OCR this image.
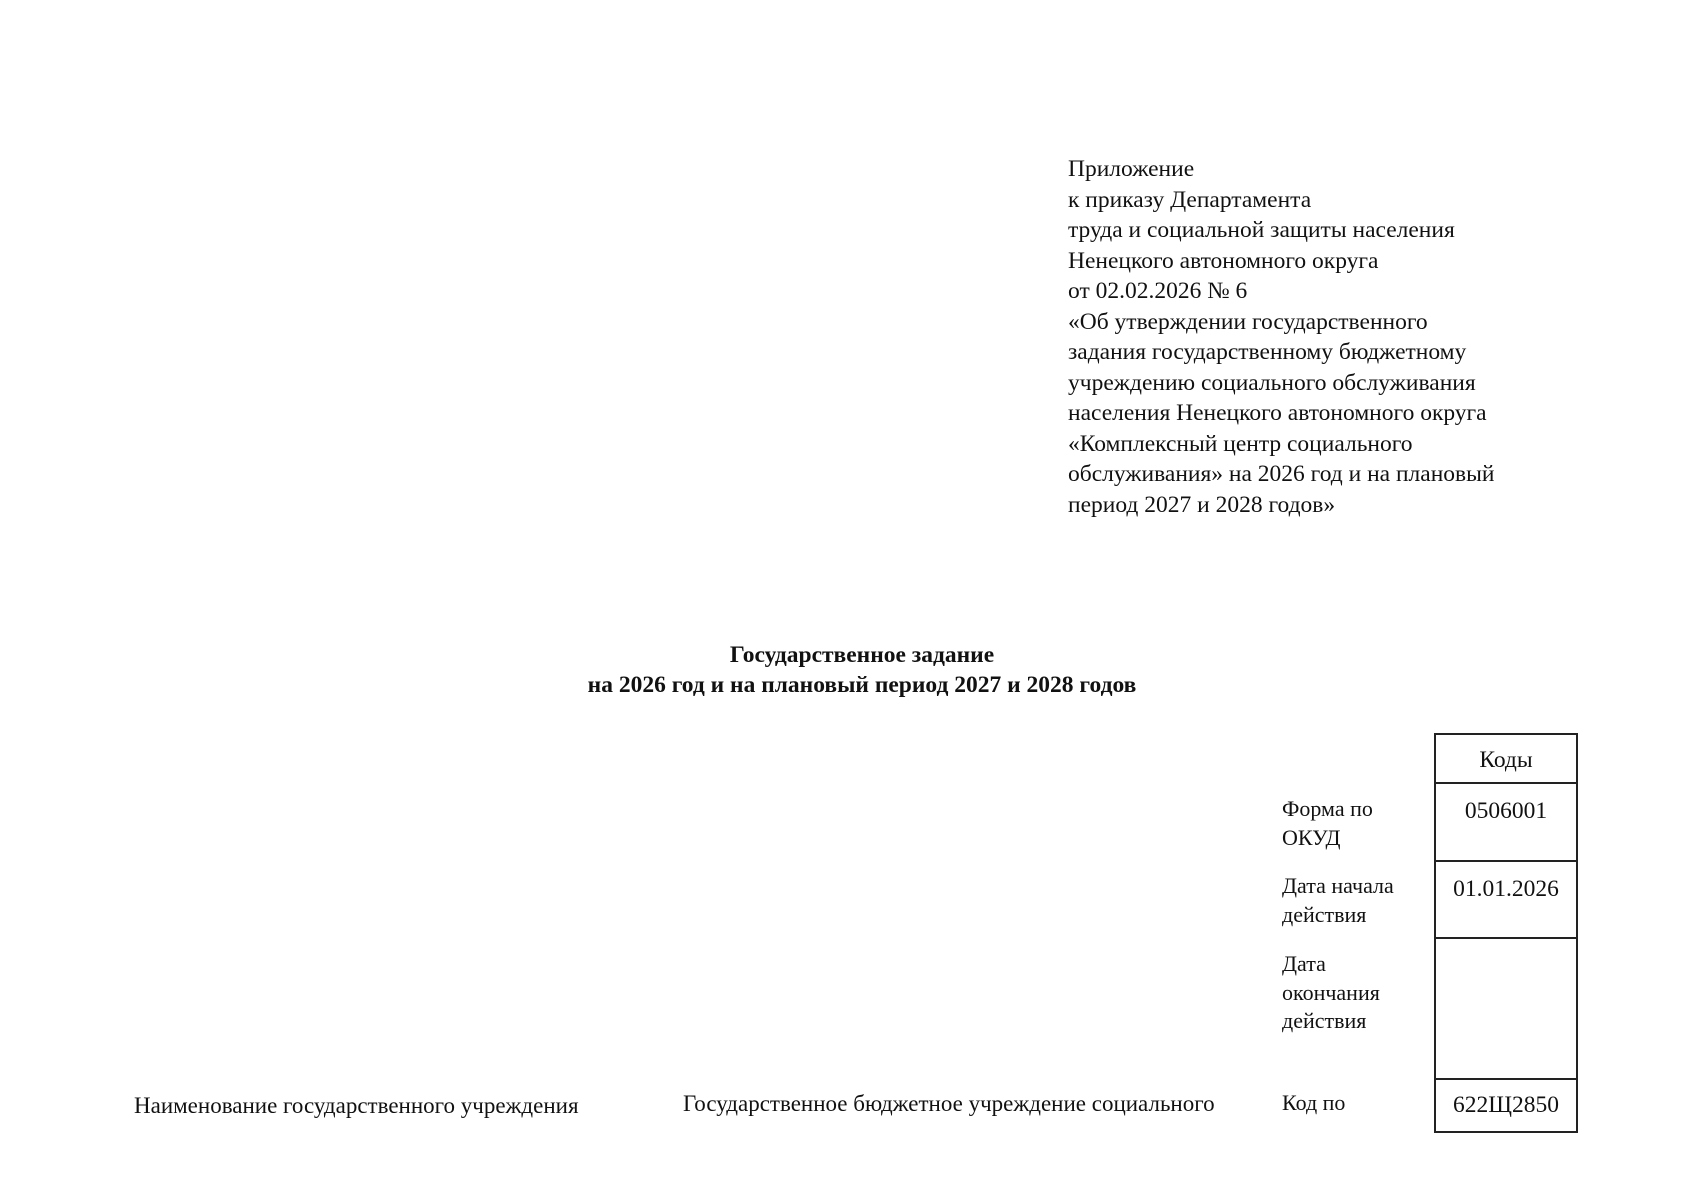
Приложение
к приказу Департамента
труда и социальной защиты населения
Ненецкого автономного округа
от 02.02.2026 № 6
«Об утверждении государственного
задания государственному бюджетному
учреждению социального обслуживания
населения Ненецкого автономного округа
«Комплексный центр социального
обслуживания» на 2026 год и на плановый
период 2027 и 2028 годов»
Государственное задание
на 2026 год и на плановый период 2027 и 2028 годов
Коды
0506001
01.01.2026
622Щ2850
Форма по
ОКУД
Дата начала
действия
Дата
окончания
действия
Код по
Наименование государственного учреждения	Государственное бюджетное учреждение социального
